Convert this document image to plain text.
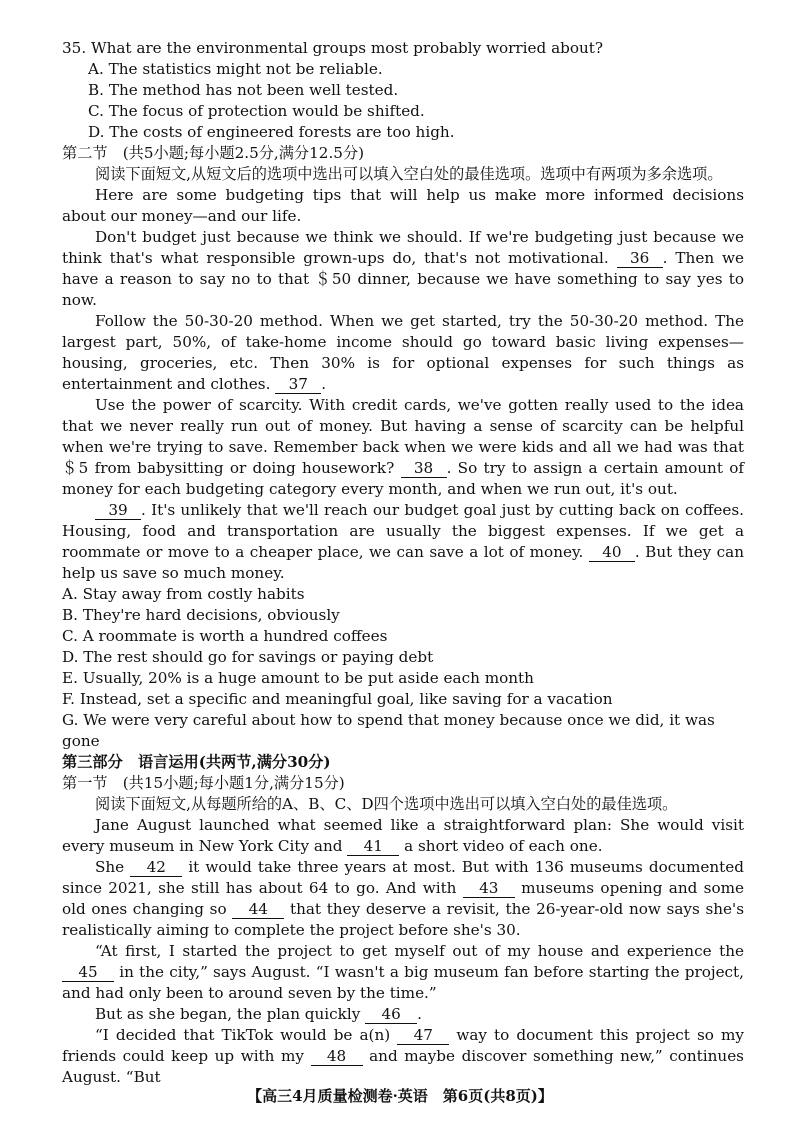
35. What are the environmental groups most probably worried about?

A. The statistics might not be reliable.

B. The method has not been well tested.

C. The focus of protection would be shifted.

D. The costs of engineered forests are too high.

第二节　(共5小题;每小题2.5分,满分12.5分)

阅读下面短文,从短文后的选项中选出可以填入空白处的最佳选项。选项中有两项为多余选项。

Here are some budgeting tips that will help us make more informed decisions about our money—and our life.

Don't budget just because we think we should. If we're budgeting just because we think that's what responsible grown-ups do, that's not motivational. 36 . Then we have a reason to say no to that ＄50 dinner, because we have something to say yes to now.

Follow the 50-30-20 method. When we get started, try the 50-30-20 method. The largest part, 50%, of take-home income should go toward basic living expenses—housing, groceries, etc. Then 30% is for optional expenses for such things as entertainment and clothes. 37 .

Use the power of scarcity. With credit cards, we've gotten really used to the idea that we never really run out of money. But having a sense of scarcity can be helpful when we're trying to save. Remember back when we were kids and all we had was that ＄5 from babysitting or doing housework? 38 . So try to assign a certain amount of money for each budgeting category every month, and when we run out, it's out.

39 . It's unlikely that we'll reach our budget goal just by cutting back on coffees. Housing, food and transportation are usually the biggest expenses. If we get a roommate or move to a cheaper place, we can save a lot of money. 40 . But they can help us save so much money.

A. Stay away from costly habits

B. They're hard decisions, obviously

C. A roommate is worth a hundred coffees

D. The rest should go for savings or paying debt

E. Usually, 20% is a huge amount to be put aside each month

F. Instead, set a specific and meaningful goal, like saving for a vacation

G. We were very careful about how to spend that money because once we did, it was gone

第三部分　语言运用(共两节,满分30分)

第一节　(共15小题;每小题1分,满分15分)

阅读下面短文,从每题所给的A、B、C、D四个选项中选出可以填入空白处的最佳选项。

Jane August launched what seemed like a straightforward plan: She would visit every museum in New York City and 41 a short video of each one.

She 42 it would take three years at most. But with 136 museums documented since 2021, she still has about 64 to go. And with 43 museums opening and some old ones changing so 44 that they deserve a revisit, the 26-year-old now says she's realistically aiming to complete the project before she's 30.

“At first, I started the project to get myself out of my house and experience the 45 in the city,” says August. “I wasn't a big museum fan before starting the project, and had only been to around seven by the time.”

But as she began, the plan quickly 46 .

“I decided that TikTok would be a(n) 47 way to document this project so my friends could keep up with my 48 and maybe discover something new,” continues August. “But

【高三4月质量检测卷·英语　第6页(共8页)】
